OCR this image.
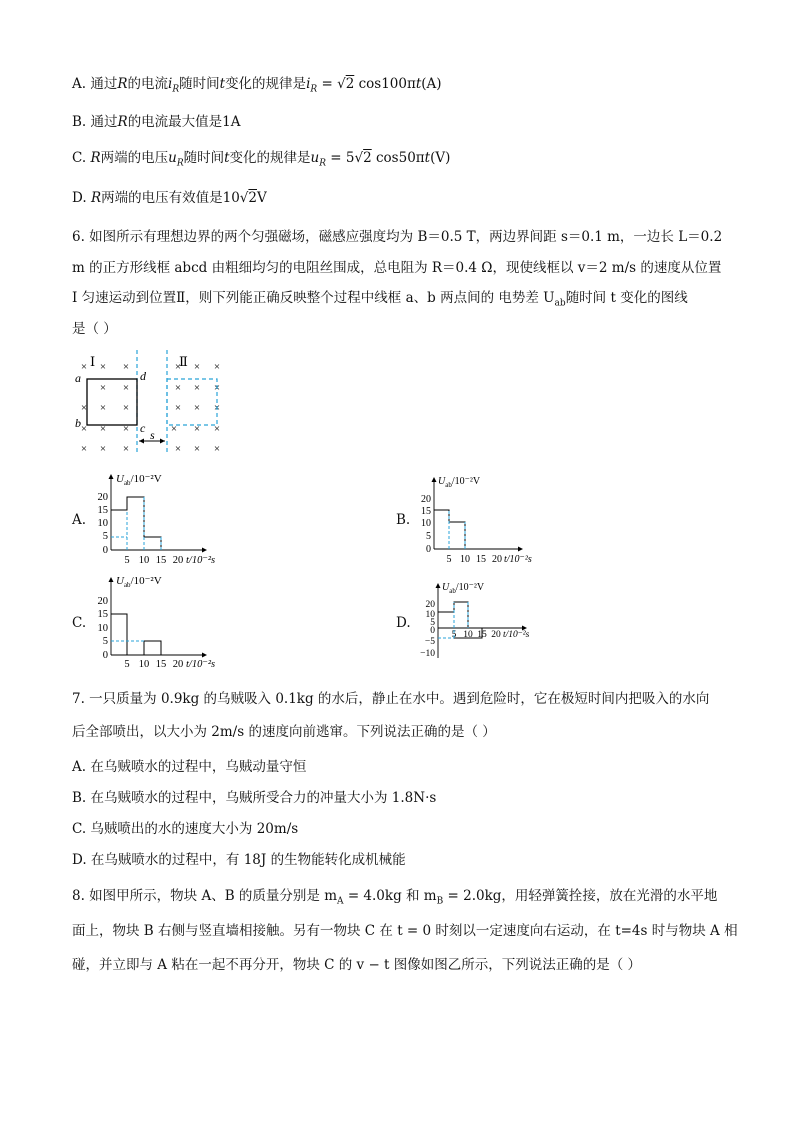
A. 通过R的电流$i_R$随时间t变化的规律是$i_R = √2$ cos100πt(A)
B. 通过R的电流最大值是1A
C. R两端的电压$u_R$随时间t变化的规律是$u_R = 5√2$ cos50πt(V)
D. R两端的电压有效值是10√2V
6. 如图所示有理想边界的两个匀强磁场，磁感应强度均为 B＝0.5 T，两边界间距 s＝0.1 m，一边长 L＝0.2
m 的正方形线框 abcd 由粗细均匀的电阻丝围成，总电阻为 R＝0.4 Ω，现使线框以 v＝2 m/s 的速度从位置
Ⅰ 匀速运动到位置Ⅱ，则下列能正确反映整个过程中线框 a、b 两点间的 电势差 $U_{ab}$随时间 t 变化的图线
是（ ）
× × ×	× × ×
× ×	× × ×
× × ×	× × ×
× × ×	× × ×
× × ×	× × ×
Ⅰ	Ⅱ
a
b	c
d
s
A.
$U_{ab}/10^{-2}V$
20
15
10
5
0
5 10 15 20 t/10⁻²s
B.
$U_{ab}/10^{-2}V$
20
15
10
5
0
5 10 15 20 t/10⁻²s
C.
$U_{ab}/10^{-2}V$
20
15
10
5
0
5 10 15 20 t/10⁻²s
D.
$U_{ab}/10^{-2}V$
20
10
5
0
−5
−10
5 10 15 20 t/10⁻²s
7. 一只质量为 0.9kg 的乌贼吸入 0.1kg 的水后，静止在水中。遇到危险时，它在极短时间内把吸入的水向
后全部喷出，以大小为 2m/s 的速度向前逃窜。下列说法正确的是（ ）
A. 在乌贼喷水的过程中，乌贼动量守恒
B. 在乌贼喷水的过程中，乌贼所受合力的冲量大小为 1.8N·s
C. 乌贼喷出的水的速度大小为 20m/s
D. 在乌贼喷水的过程中，有 18J 的生物能转化成机械能
8. 如图甲所示，物块 A、B 的质量分别是 $m_A = 4.0kg$ 和 $m_B = 2.0kg$，用轻弹簧拴接，放在光滑的水平地
面上，物块 B 右侧与竖直墙相接触。另有一物块 C 在 t = 0 时刻以一定速度向右运动，在 t=4s 时与物块 A 相
碰，并立即与 A 粘在一起不再分开，物块 C 的 v − t 图像如图乙所示，下列说法正确的是（ ）
